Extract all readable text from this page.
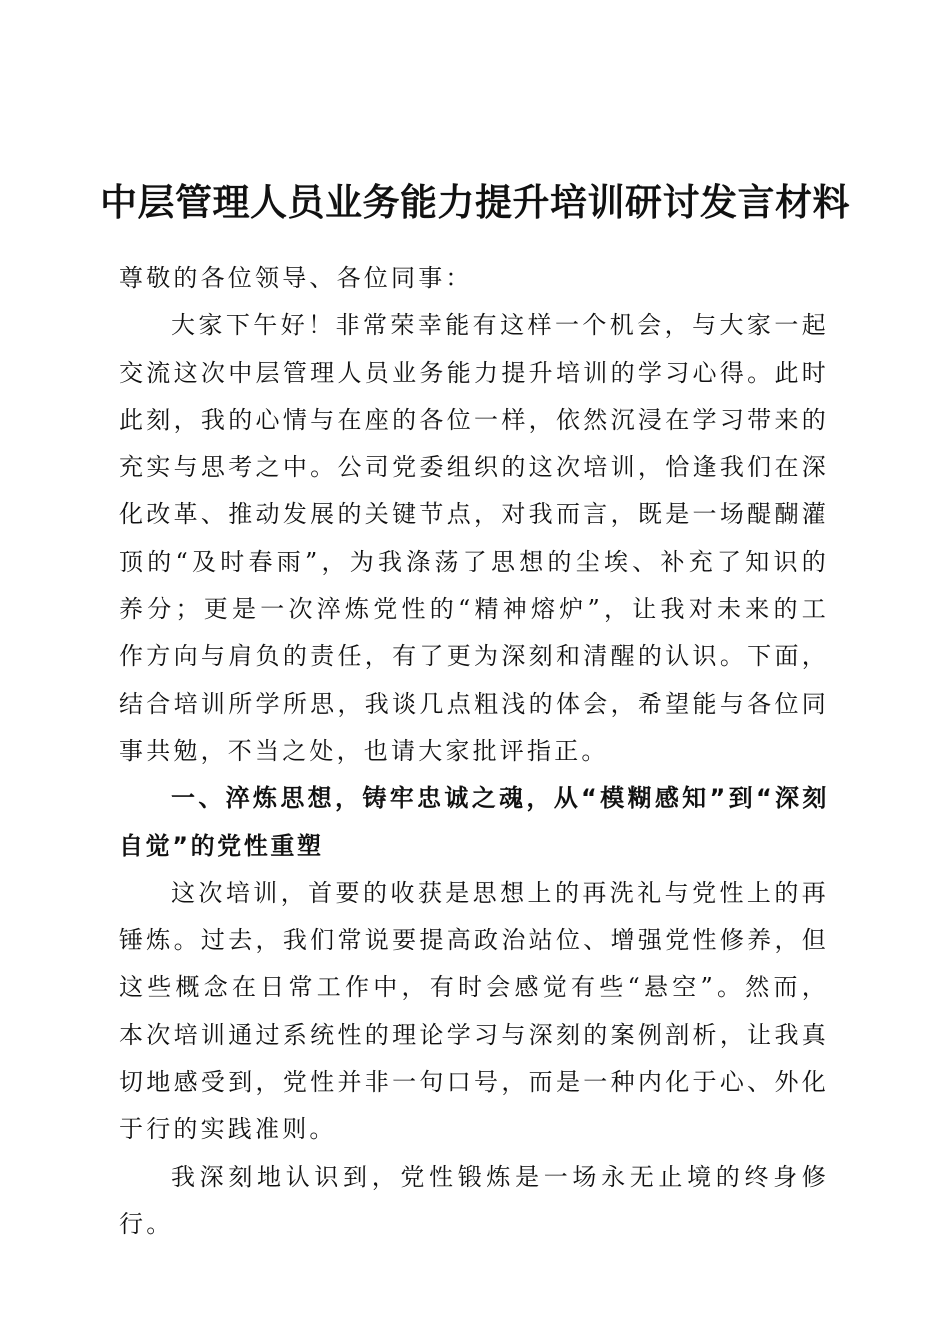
中层管理人员业务能力提升培训研讨发言材料

尊敬的各位领导、各位同事：

大家下午好！非常荣幸能有这样一个机会，与大家一起交流这次中层管理人员业务能力提升培训的学习心得。此时此刻，我的心情与在座的各位一样，依然沉浸在学习带来的充实与思考之中。公司党委组织的这次培训，恰逢我们在深化改革、推动发展的关键节点，对我而言，既是一场醍醐灌顶的“及时春雨”，为我涤荡了思想的尘埃、补充了知识的养分；更是一次淬炼党性的“精神熔炉”，让我对未来的工作方向与肩负的责任，有了更为深刻和清醒的认识。下面，结合培训所学所思，我谈几点粗浅的体会，希望能与各位同事共勉，不当之处，也请大家批评指正。

一、淬炼思想，铸牢忠诚之魂，从“模糊感知”到“深刻自觉”的党性重塑

这次培训，首要的收获是思想上的再洗礼与党性上的再锤炼。过去，我们常说要提高政治站位、增强党性修养，但这些概念在日常工作中，有时会感觉有些“悬空”。然而，本次培训通过系统性的理论学习与深刻的案例剖析，让我真切地感受到，党性并非一句口号，而是一种内化于心、外化于行的实践准则。

我深刻地认识到，党性锻炼是一场永无止境的终身修行。
